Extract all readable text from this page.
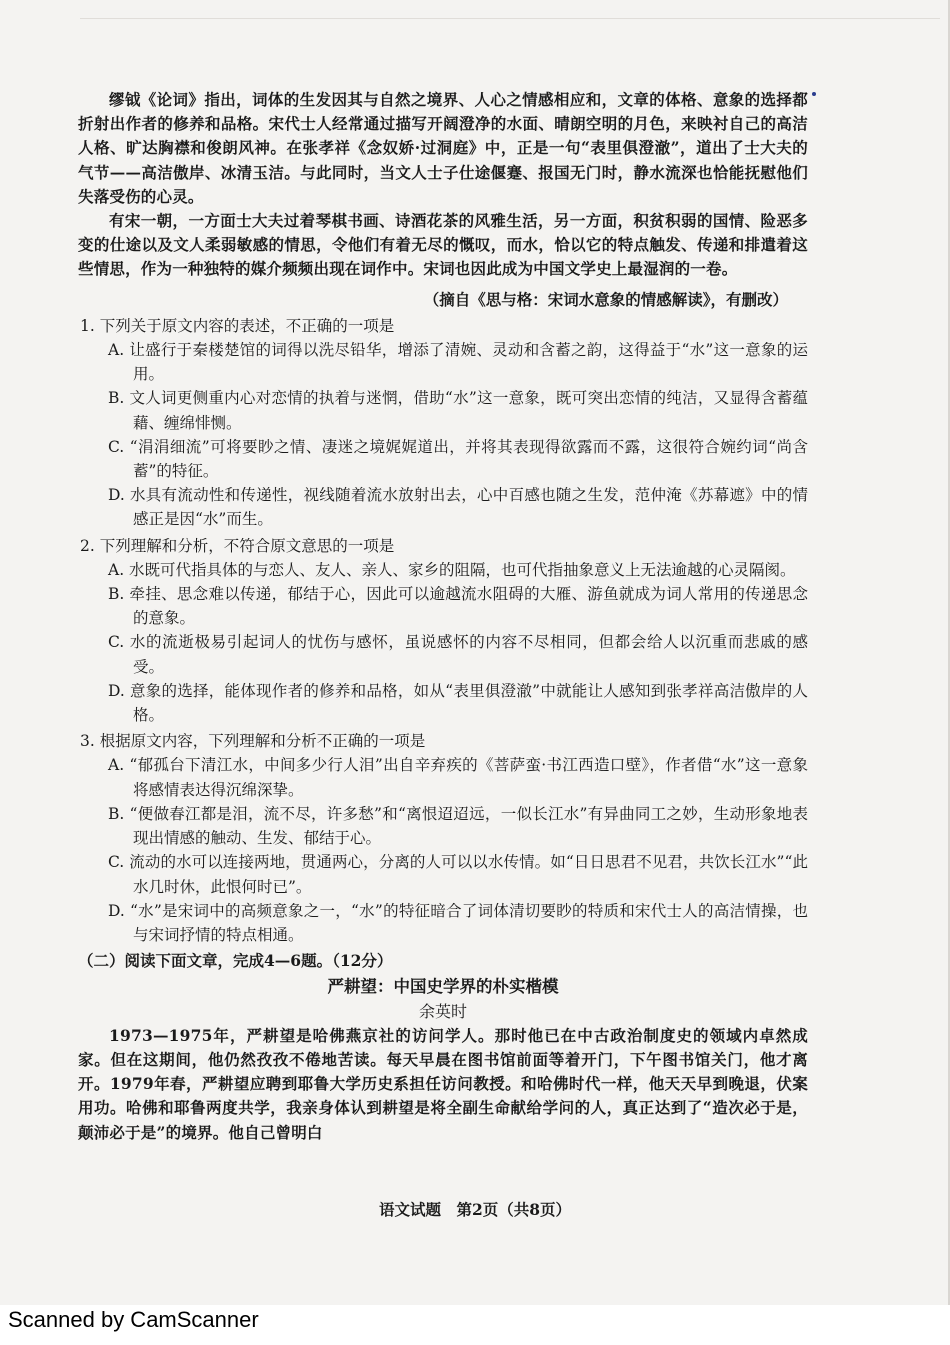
缪钺《论词》指出，词体的生发因其与自然之境界、人心之情感相应和，文章的体格、意象的选择都折射出作者的修养和品格。宋代士人经常通过描写开阔澄净的水面、晴朗空明的月色，来映衬自己的高洁人格、旷达胸襟和俊朗风神。在张孝祥《念奴娇·过洞庭》中，正是一句“表里俱澄澈”，道出了士大夫的气节——高洁傲岸、冰清玉洁。与此同时，当文人士子仕途偃蹇、报国无门时，静水流深也恰能抚慰他们失落受伤的心灵。

有宋一朝，一方面士大夫过着琴棋书画、诗酒花茶的风雅生活，另一方面，积贫积弱的国情、险恶多变的仕途以及文人柔弱敏感的情思，令他们有着无尽的慨叹，而水，恰以它的特点触发、传递和排遣着这些情思，作为一种独特的媒介频频出现在词作中。宋词也因此成为中国文学史上最湿润的一卷。

（摘自《思与格：宋词水意象的情感解读》，有删改）

1. 下列关于原文内容的表述，不正确的一项是

A. 让盛行于秦楼楚馆的词得以洗尽铅华，增添了清婉、灵动和含蓄之韵，这得益于“水”这一意象的运用。

B. 文人词更侧重内心对恋情的执着与迷惘，借助“水”这一意象，既可突出恋情的纯洁，又显得含蓄蕴藉、缠绵悱恻。

C. “涓涓细流”可将要眇之情、凄迷之境娓娓道出，并将其表现得欲露而不露，这很符合婉约词“尚含蓄”的特征。

D. 水具有流动性和传递性，视线随着流水放射出去，心中百感也随之生发，范仲淹《苏幕遮》中的情感正是因“水”而生。

2. 下列理解和分析，不符合原文意思的一项是

A. 水既可代指具体的与恋人、友人、亲人、家乡的阻隔，也可代指抽象意义上无法逾越的心灵隔阂。

B. 牵挂、思念难以传递，郁结于心，因此可以逾越流水阻碍的大雁、游鱼就成为词人常用的传递思念的意象。

C. 水的流逝极易引起词人的忧伤与感怀，虽说感怀的内容不尽相同，但都会给人以沉重而悲戚的感受。

D. 意象的选择，能体现作者的修养和品格，如从“表里俱澄澈”中就能让人感知到张孝祥高洁傲岸的人格。

3. 根据原文内容，下列理解和分析不正确的一项是

A. “郁孤台下清江水，中间多少行人泪”出自辛弃疾的《菩萨蛮·书江西造口壁》，作者借“水”这一意象将感情表达得沉绵深挚。

B. “便做春江都是泪，流不尽，许多愁”和“离恨迢迢远，一似长江水”有异曲同工之妙，生动形象地表现出情感的触动、生发、郁结于心。

C. 流动的水可以连接两地，贯通两心，分离的人可以以水传情。如“日日思君不见君，共饮长江水”“此水几时休，此恨何时已”。

D. “水”是宋词中的高频意象之一，“水”的特征暗合了词体清切要眇的特质和宋代士人的高洁情操，也与宋词抒情的特点相通。

（二）阅读下面文章，完成4—6题。（12分）

严耕望：中国史学界的朴实楷模

余英时

1973—1975年，严耕望是哈佛燕京社的访问学人。那时他已在中古政治制度史的领域内卓然成家。但在这期间，他仍然孜孜不倦地苦读。每天早晨在图书馆前面等着开门，下午图书馆关门，他才离开。1979年春，严耕望应聘到耶鲁大学历史系担任访问教授。和哈佛时代一样，他天天早到晚退，伏案用功。哈佛和耶鲁两度共学，我亲身体认到耕望是将全副生命献给学问的人，真正达到了“造次必于是，颠沛必于是”的境界。他自己曾明白

语文试题　第2页（共8页）
Scanned by CamScanner
